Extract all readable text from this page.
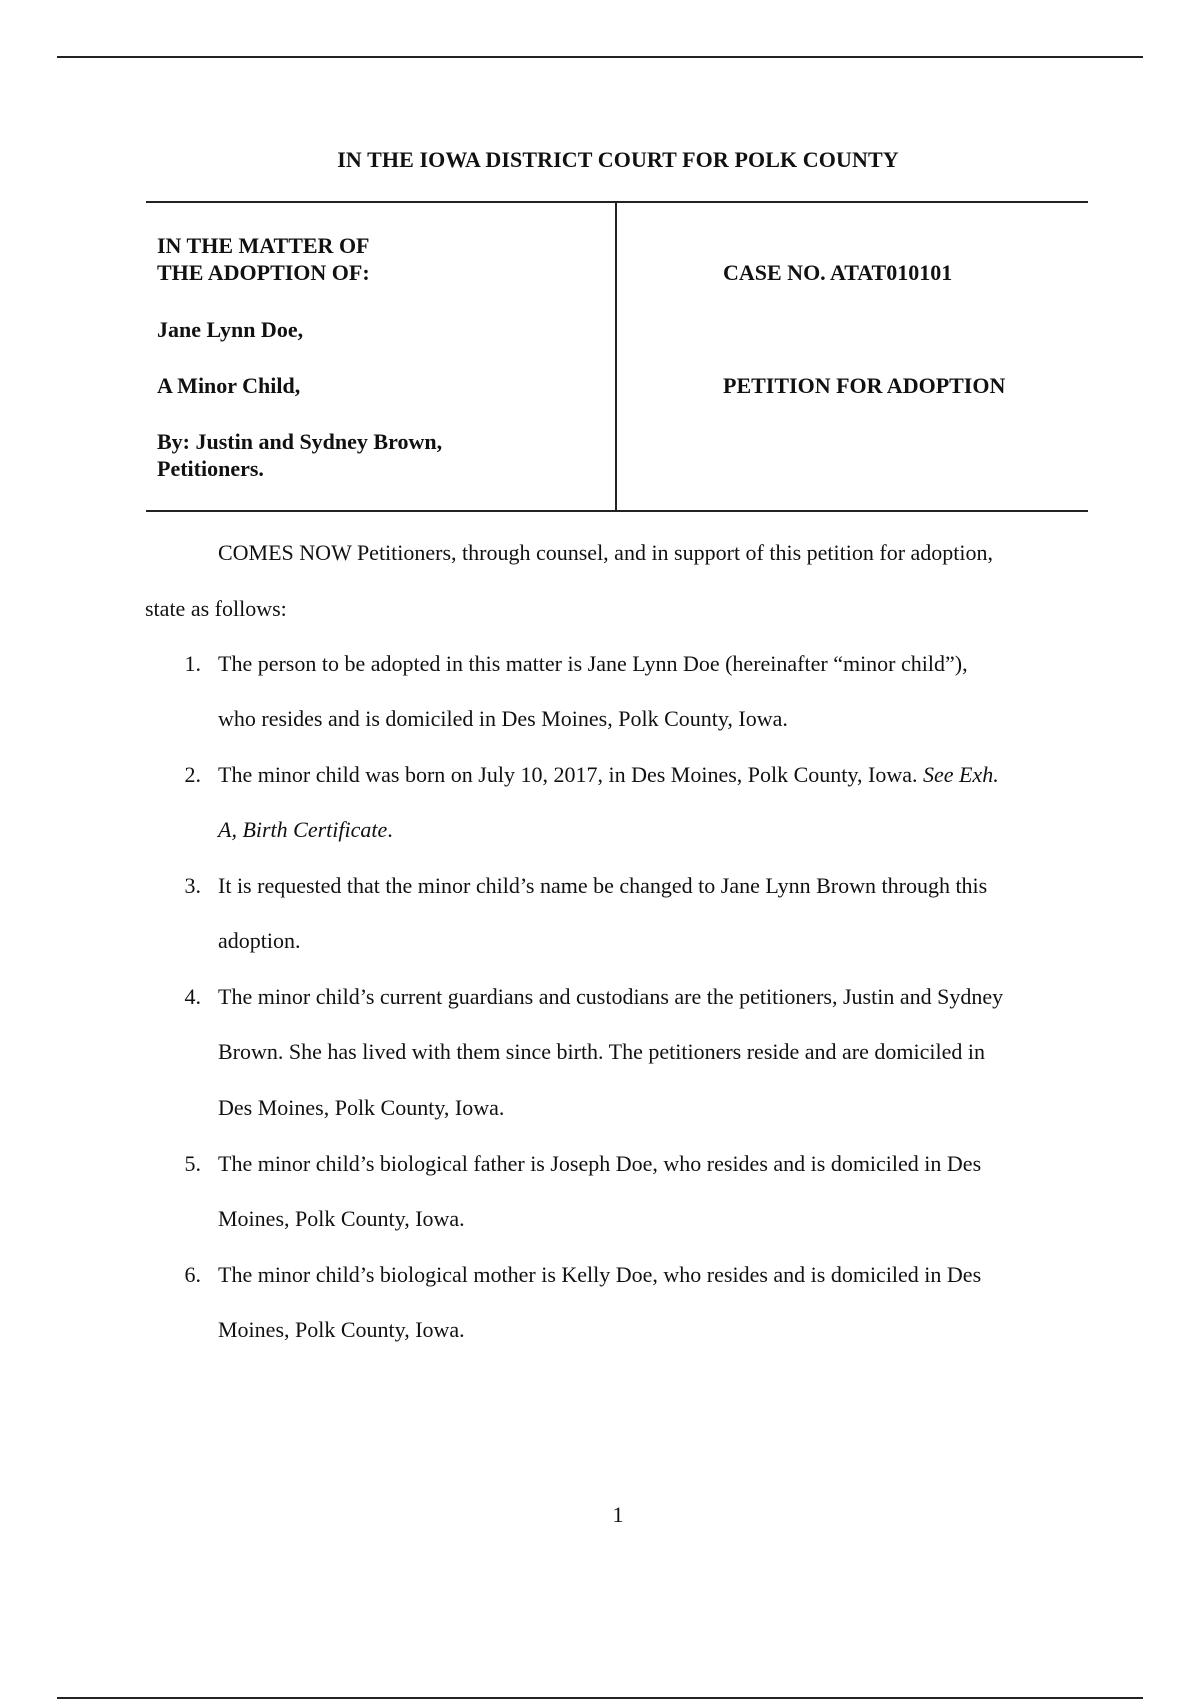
IN THE IOWA DISTRICT COURT FOR POLK COUNTY
IN THE MATTER OF
THE ADOPTION OF:
Jane Lynn Doe,
A Minor Child,
By: Justin and Sydney Brown,
Petitioners.
CASE NO. ATAT010101
PETITION FOR ADOPTION
COMES NOW Petitioners, through counsel, and in support of this petition for adoption,
state as follows:
1. The person to be adopted in this matter is Jane Lynn Doe (hereinafter “minor child”),
who resides and is domiciled in Des Moines, Polk County, Iowa.
2. The minor child was born on July 10, 2017, in Des Moines, Polk County, Iowa. See Exh.
A, Birth Certificate.
3. It is requested that the minor child’s name be changed to Jane Lynn Brown through this
adoption.
4. The minor child’s current guardians and custodians are the petitioners, Justin and Sydney
Brown. She has lived with them since birth. The petitioners reside and are domiciled in
Des Moines, Polk County, Iowa.
5. The minor child’s biological father is Joseph Doe, who resides and is domiciled in Des
Moines, Polk County, Iowa.
6. The minor child’s biological mother is Kelly Doe, who resides and is domiciled in Des
Moines, Polk County, Iowa.
1
